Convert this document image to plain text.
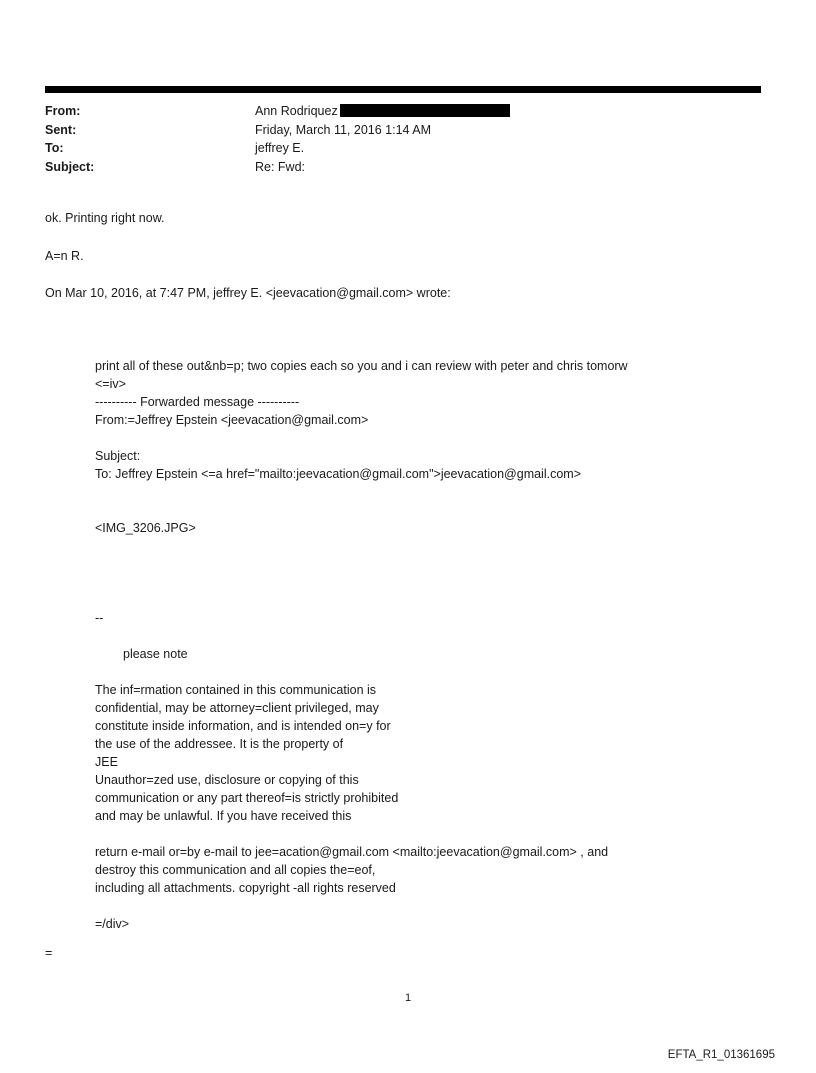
From:	Ann Rodriquez
Sent:	Friday, March 11, 2016 1:14 AM
To:	jeffrey E.
Subject:	Re: Fwd:
ok. Printing right now.
A=n R.
On Mar 10, 2016, at 7:47 PM, jeffrey E. <jeevacation@gmail.com> wrote:
print all of these out&nb=p; two copies each so you and i can review with peter and chris tomorw
<=iv>
---------- Forwarded message ----------
From:=Jeffrey Epstein <jeevacation@gmail.com>
Subject:
To: Jeffrey Epstein <=a href="mailto:jeevacation@gmail.com">jeevacation@gmail.com>
<IMG_3206.JPG>
--
please note
The inf=rmation contained in this communication is
confidential, may be attorney=client privileged, may
constitute inside information, and is intended on=y for
the use of the addressee. It is the property of
JEE
Unauthor=zed use, disclosure or copying of this
communication or any part thereof=is strictly prohibited
and may be unlawful. If you have received this
return e-mail or=by e-mail to jee=acation@gmail.com <mailto:jeevacation@gmail.com> , and
destroy this communication and all copies the=eof,
including all attachments. copyright -all rights reserved
=/div>
=
1
EFTA_R1_01361695
